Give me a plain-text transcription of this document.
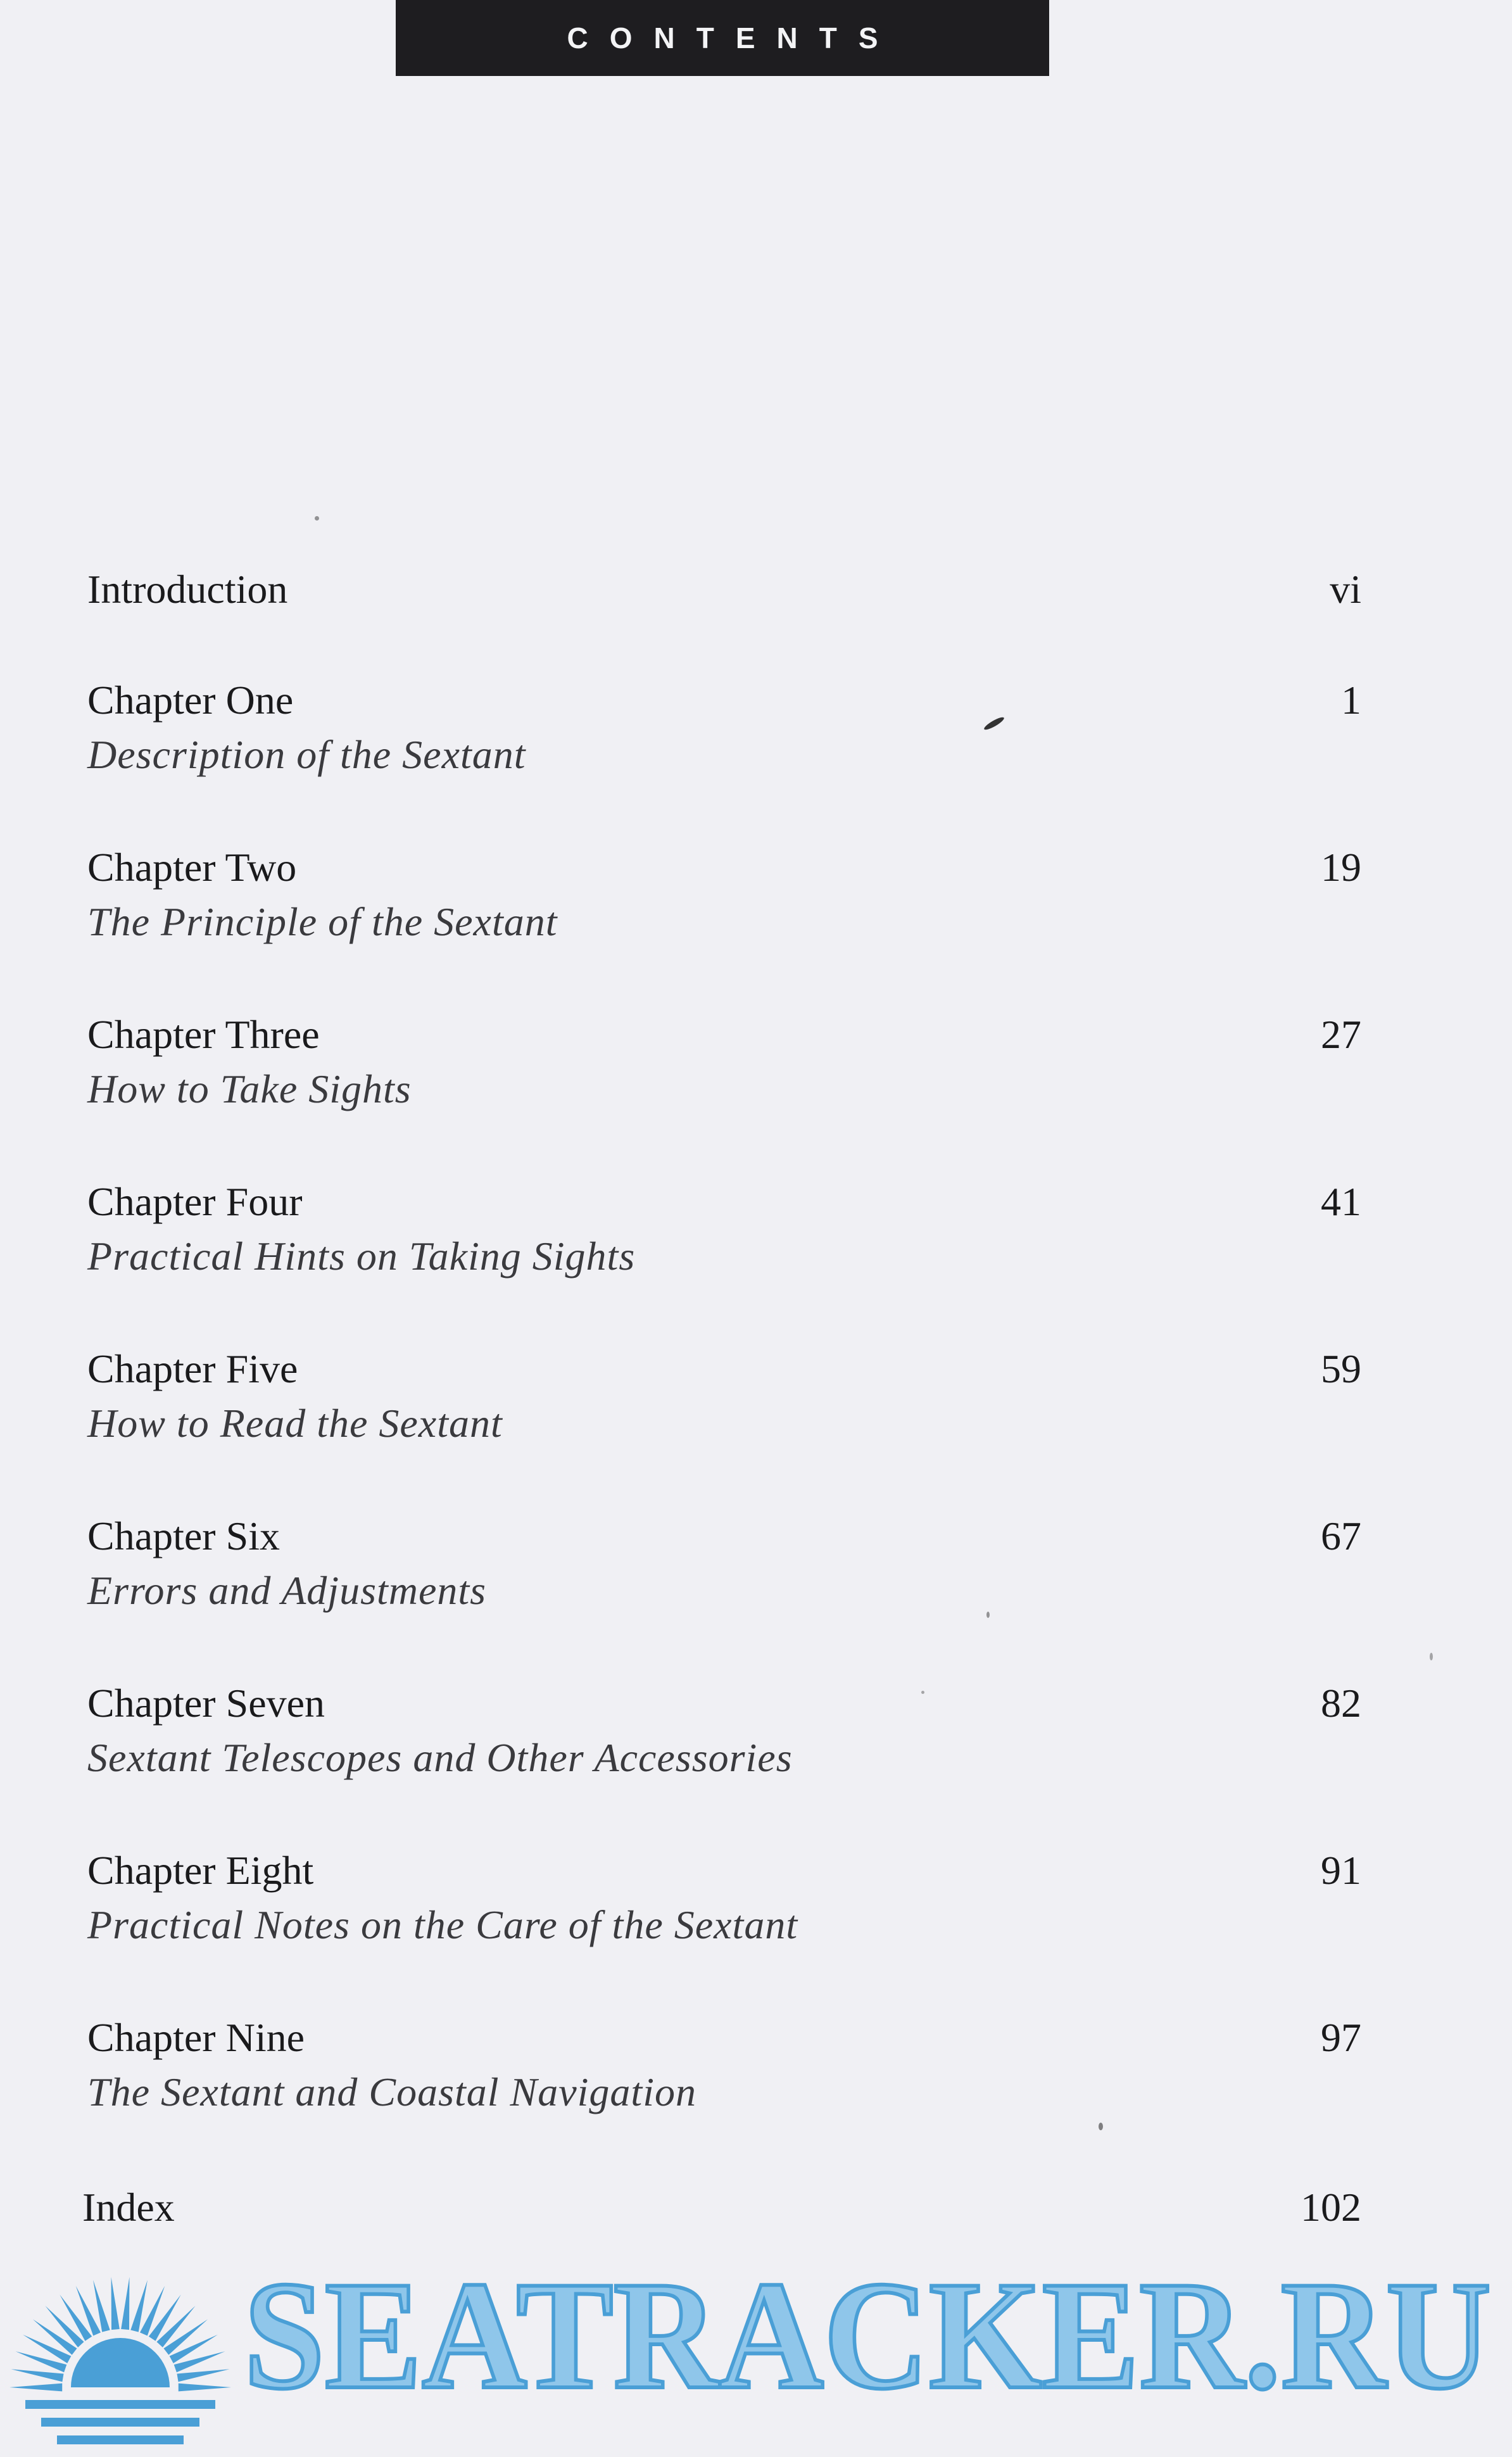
CONTENTS
Introduction	vi
Chapter One	1
Description of the Sextant
Chapter Two	19
The Principle of the Sextant
Chapter Three	27
How to Take Sights
Chapter Four	41
Practical Hints on Taking Sights
Chapter Five	59
How to Read the Sextant
Chapter Six	67
Errors and Adjustments
Chapter Seven	82
Sextant Telescopes and Other Accessories
Chapter Eight	91
Practical Notes on the Care of the Sextant
Chapter Nine	97
The Sextant and Coastal Navigation
Index	102
SEATRACKER.RU
